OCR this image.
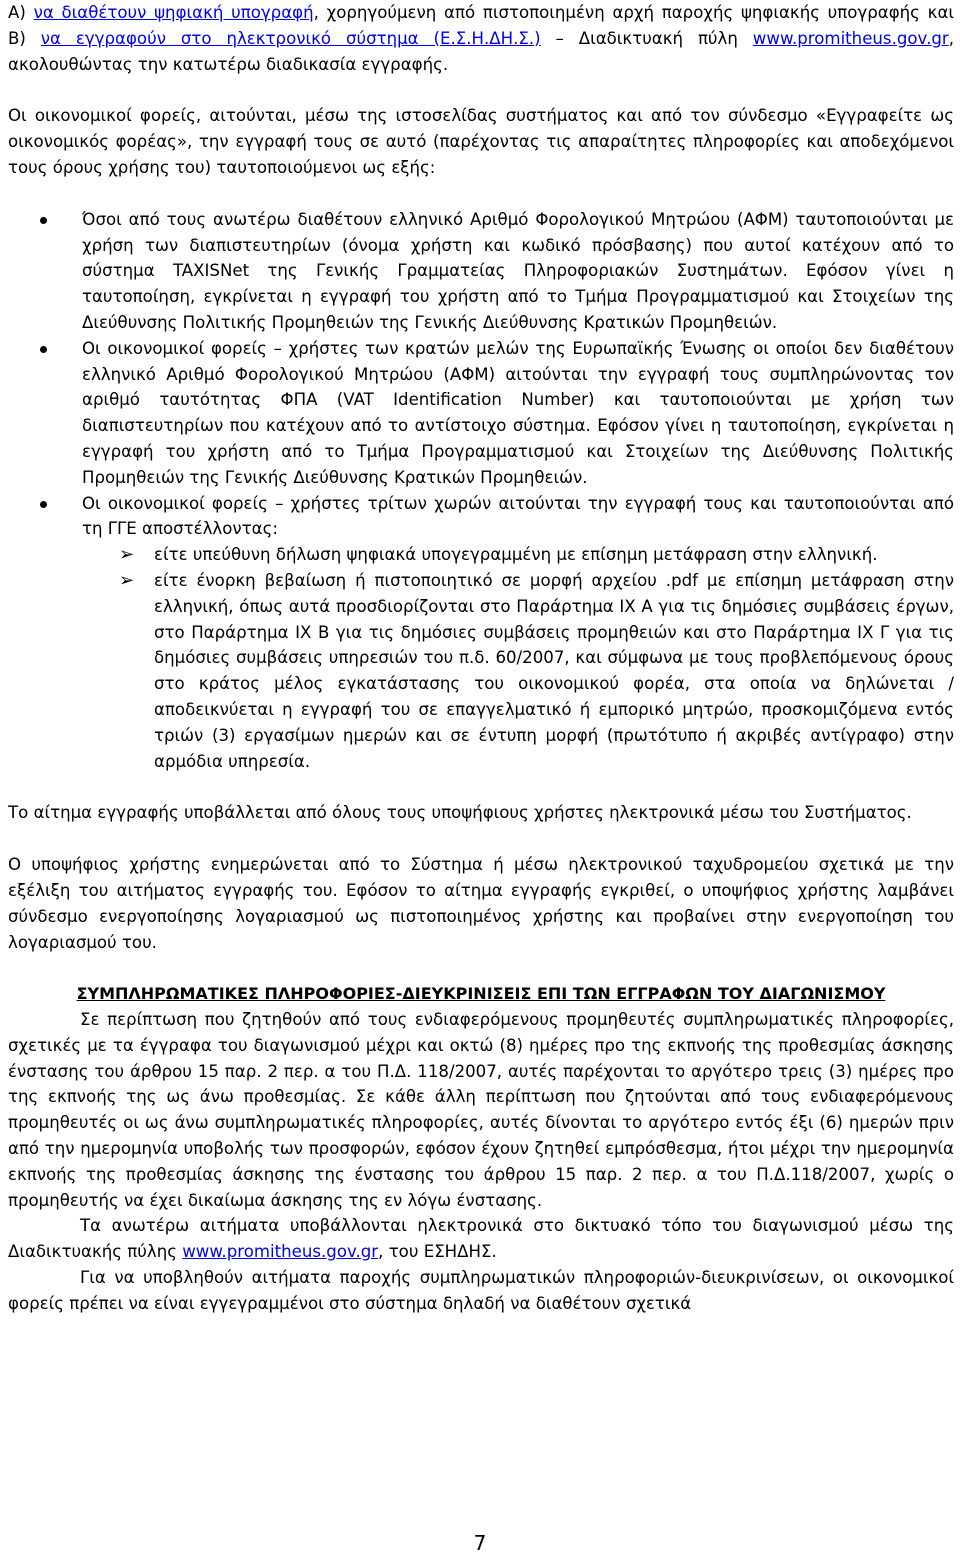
Α) να διαθέτουν ψηφιακή υπογραφή, χορηγούμενη από πιστοποιημένη αρχή παροχής ψηφιακής υπογραφής και

Β) να εγγραφούν στο ηλεκτρονικό σύστημα (Ε.Σ.Η.ΔΗ.Σ.) – Διαδικτυακή πύλη www.promitheus.gov.gr, ακολουθώντας την κατωτέρω διαδικασία εγγραφής.

Οι οικονομικοί φορείς, αιτούνται, μέσω της ιστοσελίδας συστήματος και από τον σύνδεσμο «Εγγραφείτε ως οικονομικός φορέας», την εγγραφή τους σε αυτό (παρέχοντας τις απαραίτητες πληροφορίες και αποδεχόμενοι τους όρους χρήσης του) ταυτοποιούμενοι ως εξής:

Όσοι από τους ανωτέρω διαθέτουν ελληνικό Αριθμό Φορολογικού Μητρώου (ΑΦΜ) ταυτοποιούνται με χρήση των διαπιστευτηρίων (όνομα χρήστη και κωδικό πρόσβασης) που αυτοί κατέχουν από το σύστημα TAXISNet της Γενικής Γραμματείας Πληροφοριακών Συστημάτων. Εφόσον γίνει η ταυτοποίηση, εγκρίνεται η εγγραφή του χρήστη από το Τμήμα Προγραμματισμού και Στοιχείων της Διεύθυνσης Πολιτικής Προμηθειών της Γενικής Διεύθυνσης Κρατικών Προμηθειών.
Οι οικονομικοί φορείς – χρήστες των κρατών μελών της Ευρωπαϊκής Ένωσης οι οποίοι δεν διαθέτουν ελληνικό Αριθμό Φορολογικού Μητρώου (ΑΦΜ) αιτούνται την εγγραφή τους συμπληρώνοντας τον αριθμό ταυτότητας ΦΠΑ (VAT Identification Number) και ταυτοποιούνται με χρήση των διαπιστευτηρίων που κατέχουν από το αντίστοιχο σύστημα. Εφόσον γίνει η ταυτοποίηση, εγκρίνεται η εγγραφή του χρήστη από το Τμήμα Προγραμματισμού και Στοιχείων της Διεύθυνσης Πολιτικής Προμηθειών της Γενικής Διεύθυνσης Κρατικών Προμηθειών.
Οι οικονομικοί φορείς – χρήστες τρίτων χωρών αιτούνται την εγγραφή τους και ταυτοποιούνται από τη ΓΓΕ αποστέλλοντας:
➢ είτε υπεύθυνη δήλωση ψηφιακά υπογεγραμμένη με επίσημη μετάφραση στην ελληνική.
➢ είτε ένορκη βεβαίωση ή πιστοποιητικό σε μορφή αρχείου .pdf με επίσημη μετάφραση στην ελληνική, όπως αυτά προσδιορίζονται στο Παράρτημα ΙΧ Α για τις δημόσιες συμβάσεις έργων, στο Παράρτημα ΙΧ Β για τις δημόσιες συμβάσεις προμηθειών και στο Παράρτημα ΙΧ Γ για τις δημόσιες συμβάσεις υπηρεσιών του π.δ. 60/2007, και σύμφωνα με τους προβλεπόμενους όρους στο κράτος μέλος εγκατάστασης του οικονομικού φορέα, στα οποία να δηλώνεται / αποδεικνύεται η εγγραφή του σε επαγγελματικό ή εμπορικό μητρώο, προσκομιζόμενα εντός τριών (3) εργασίμων ημερών και σε έντυπη μορφή (πρωτότυπο ή ακριβές αντίγραφο) στην αρμόδια υπηρεσία.

Το αίτημα εγγραφής υποβάλλεται από όλους τους υποψήφιους χρήστες ηλεκτρονικά μέσω του Συστήματος.

Ο υποψήφιος χρήστης ενημερώνεται από το Σύστημα ή μέσω ηλεκτρονικού ταχυδρομείου σχετικά με την εξέλιξη του αιτήματος εγγραφής του. Εφόσον το αίτημα εγγραφής εγκριθεί, ο υποψήφιος χρήστης λαμβάνει σύνδεσμο ενεργοποίησης λογαριασμού ως πιστοποιημένος χρήστης και προβαίνει στην ενεργοποίηση του λογαριασμού του.

ΣΥΜΠΛΗΡΩΜΑΤΙΚΕΣ ΠΛΗΡΟΦΟΡΙΕΣ-ΔΙΕΥΚΡΙΝΙΣΕΙΣ ΕΠΙ ΤΩΝ ΕΓΓΡΑΦΩΝ ΤΟΥ ΔΙΑΓΩΝΙΣΜΟΥ

Σε περίπτωση που ζητηθούν από τους ενδιαφερόμενους προμηθευτές συμπληρωματικές πληροφορίες, σχετικές με τα έγγραφα του διαγωνισμού μέχρι και οκτώ (8) ημέρες προ της εκπνοής της προθεσμίας άσκησης ένστασης του άρθρου 15 παρ. 2 περ. α του Π.Δ. 118/2007, αυτές παρέχονται το αργότερο τρεις (3) ημέρες προ της εκπνοής της ως άνω προθεσμίας. Σε κάθε άλλη περίπτωση που ζητούνται από τους ενδιαφερόμενους προμηθευτές οι ως άνω συμπληρωματικές πληροφορίες, αυτές δίνονται το αργότερο εντός έξι (6) ημερών πριν από την ημερομηνία υποβολής των προσφορών, εφόσον έχουν ζητηθεί εμπρόσθεσμα, ήτοι μέχρι την ημερομηνία εκπνοής της προθεσμίας άσκησης της ένστασης του άρθρου 15 παρ. 2 περ. α του Π.Δ.118/2007, χωρίς ο προμηθευτής να έχει δικαίωμα άσκησης της εν λόγω ένστασης.

Τα ανωτέρω αιτήματα υποβάλλονται ηλεκτρονικά στο δικτυακό τόπο του διαγωνισμού μέσω της Διαδικτυακής πύλης www.promitheus.gov.gr, του ΕΣΗΔΗΣ.

Για να υποβληθούν αιτήματα παροχής συμπληρωματικών πληροφοριών-διευκρινίσεων, οι οικονομικοί φορείς πρέπει να είναι εγγεγραμμένοι στο σύστημα δηλαδή να διαθέτουν σχετικά

7
